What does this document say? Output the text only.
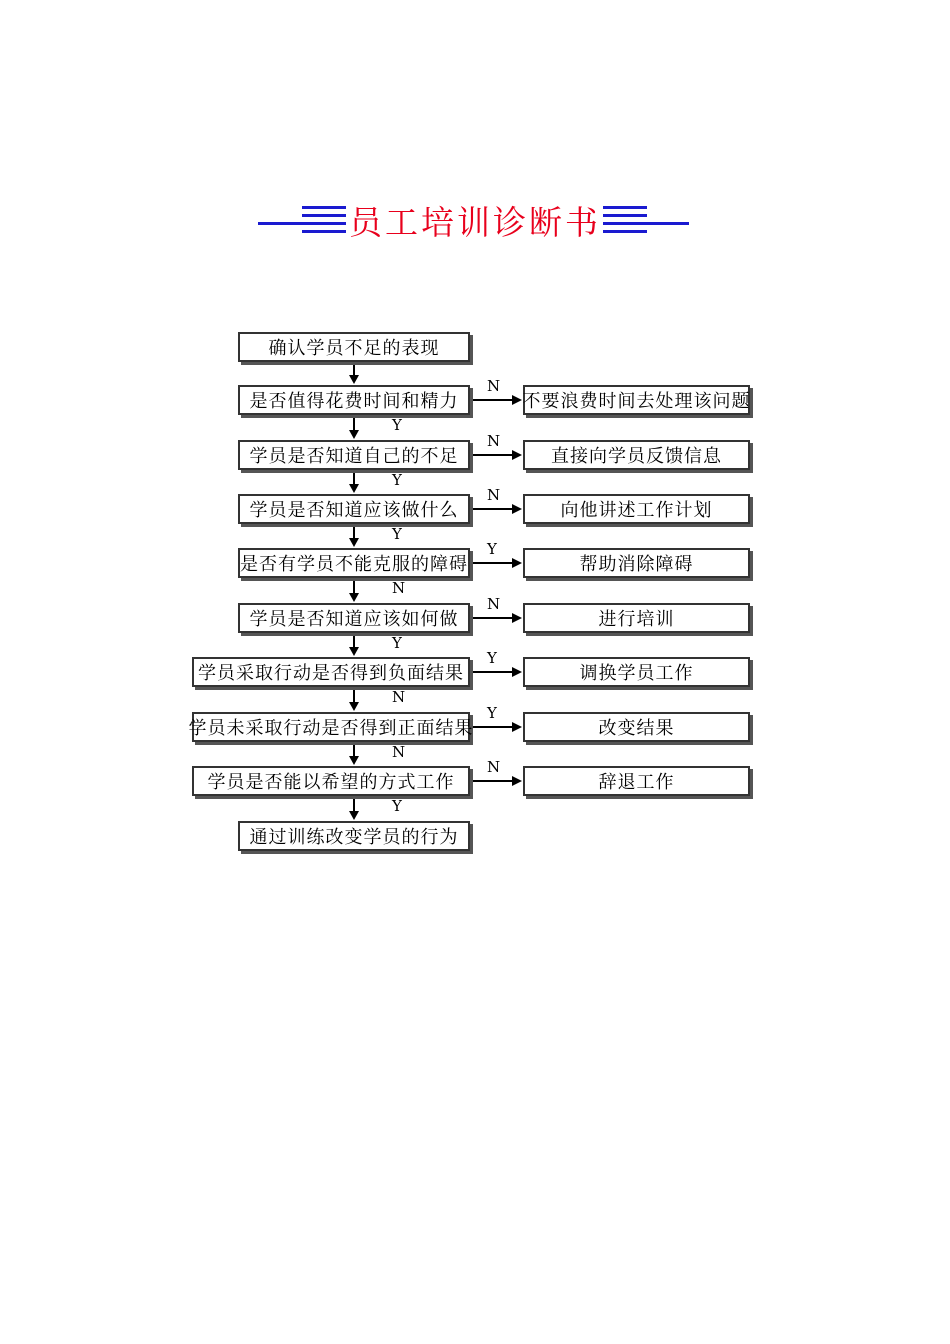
员工培训诊断书
确认学员不足的表现
是否值得花费时间和精力
学员是否知道自己的不足
学员是否知道应该做什么
是否有学员不能克服的障碍
学员是否知道应该如何做
学员采取行动是否得到负面结果
学员未采取行动是否得到正面结果
学员是否能以希望的方式工作
通过训练改变学员的行为
不要浪费时间去处理该问题
直接向学员反馈信息
向他讲述工作计划
帮助消除障碍
进行培训
调换学员工作
改变结果
辞退工作
N
N
N
Y
N
Y
Y
N
Y
Y
Y
N
Y
N
N
Y
